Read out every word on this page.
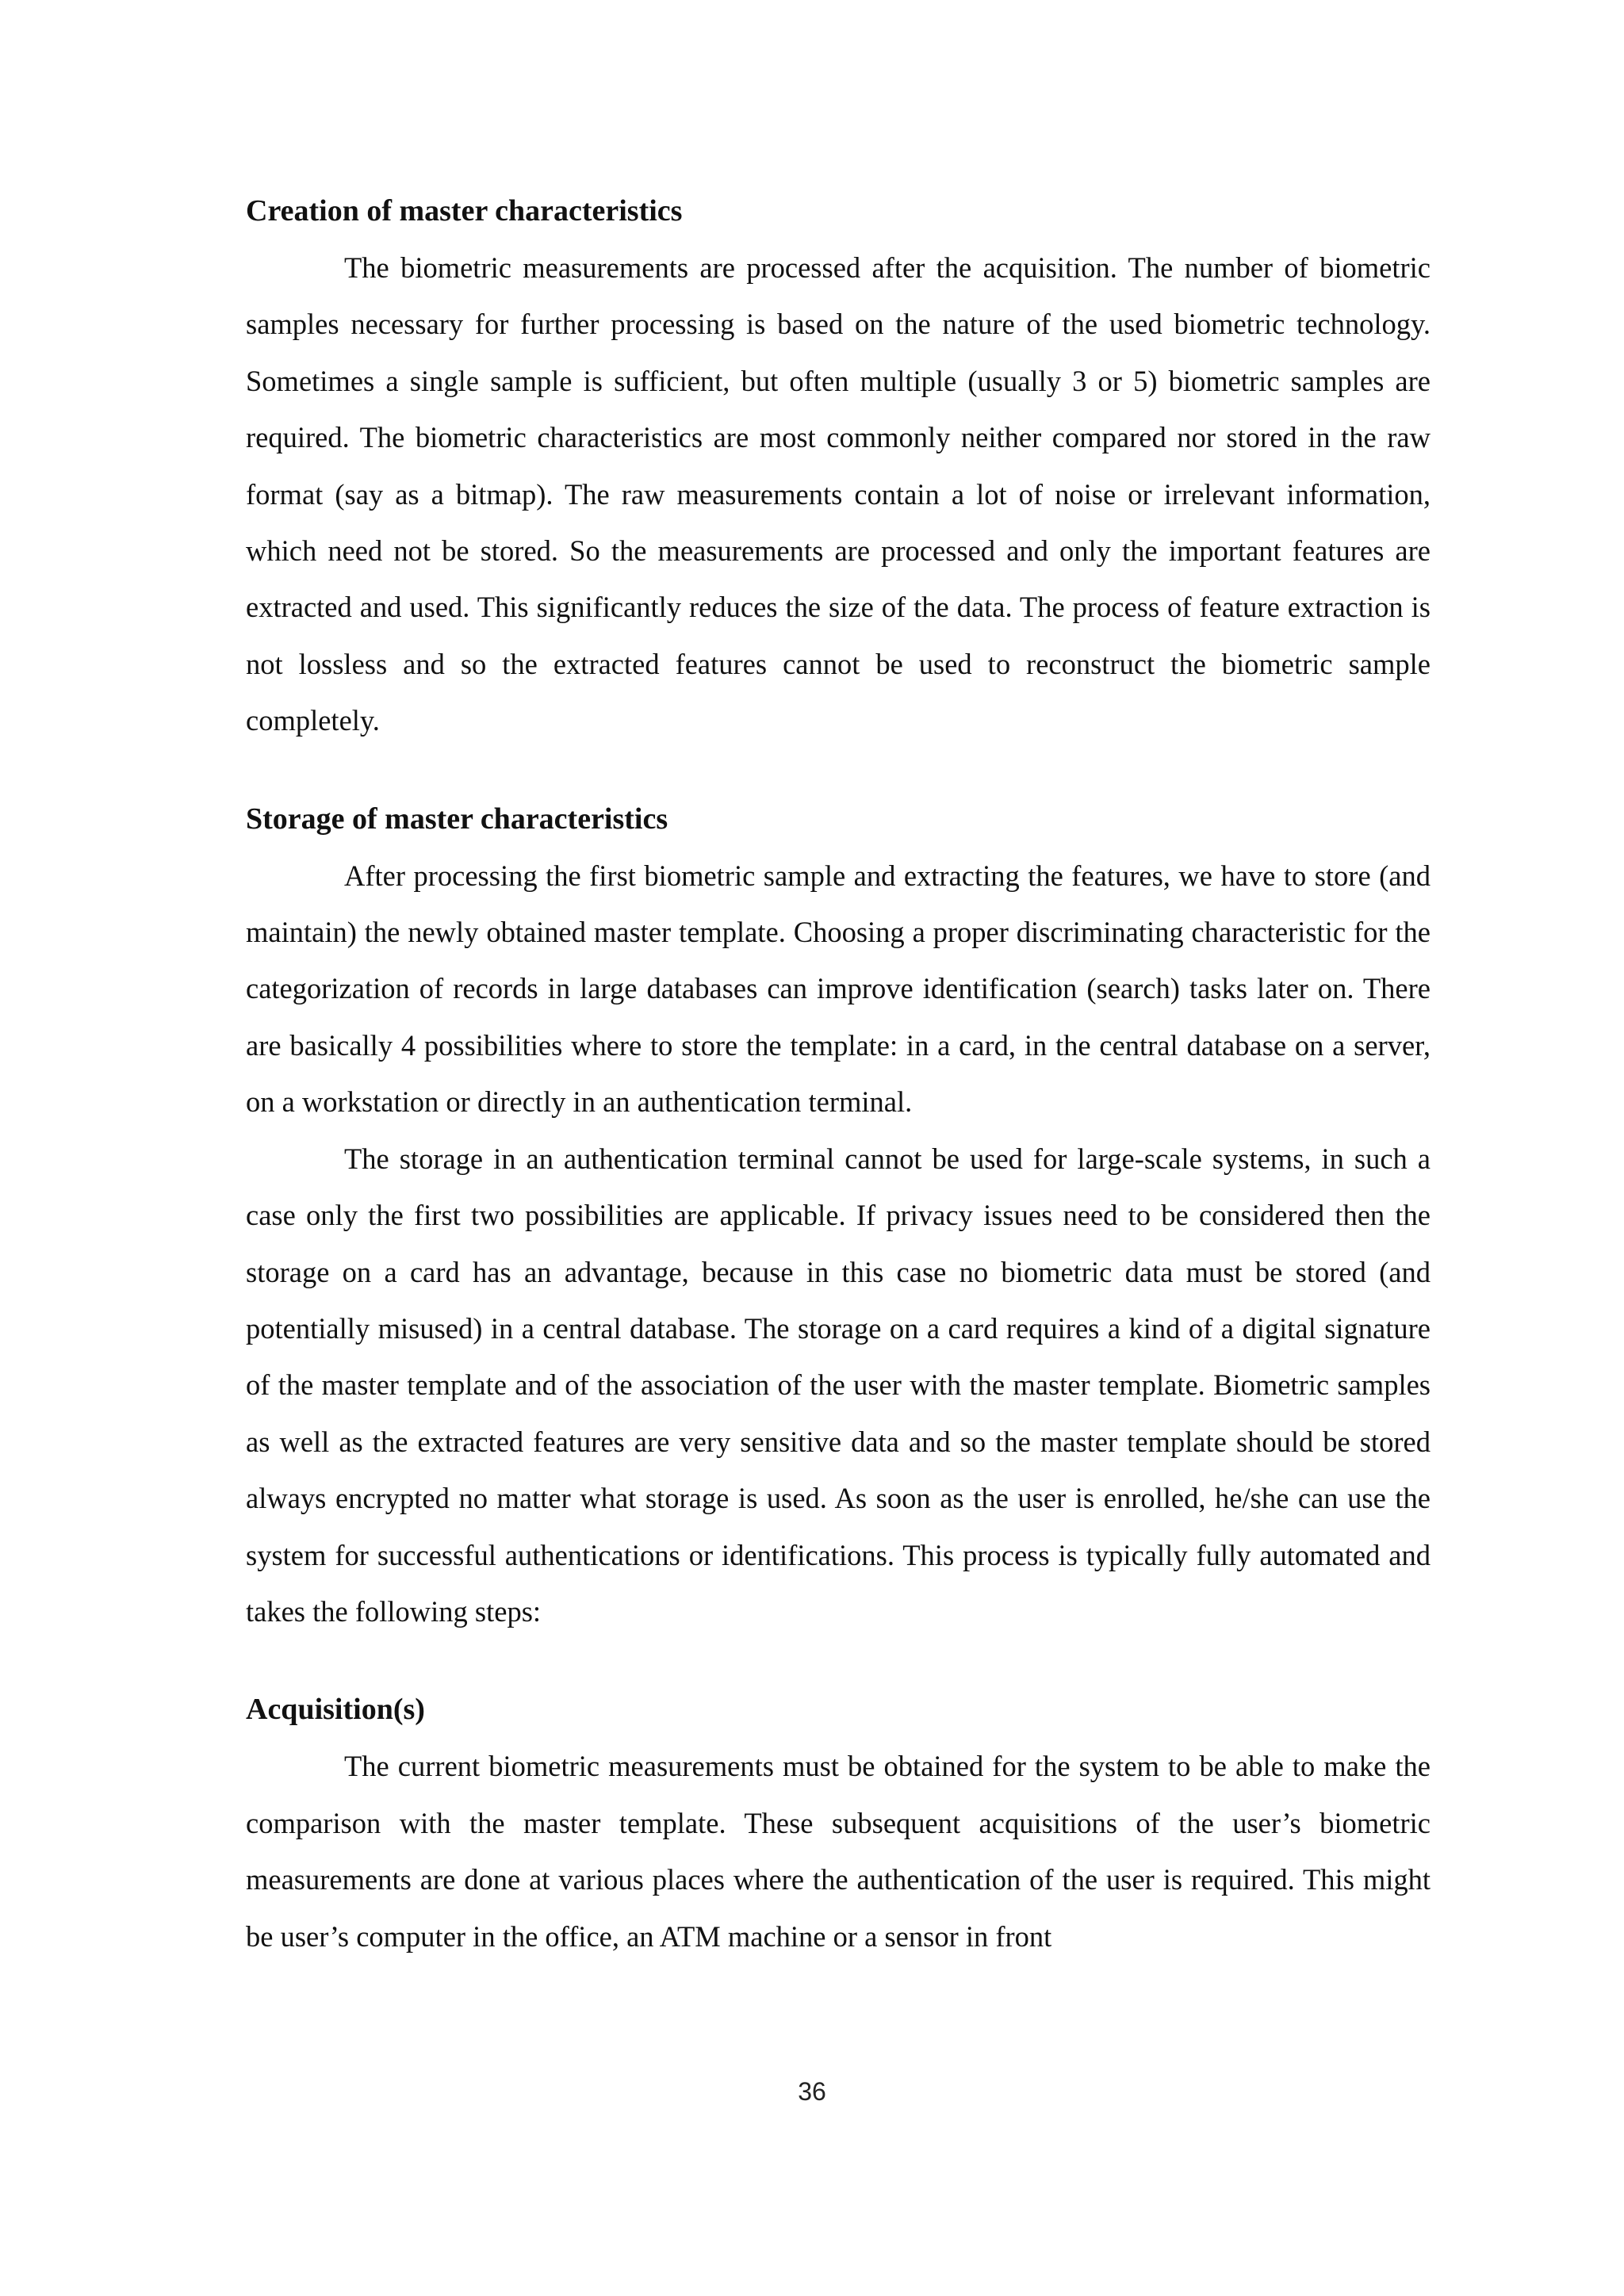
Creation of master characteristics

The biometric measurements are processed after the acquisition. The number of biometric samples necessary for further processing is based on the nature of the used biometric technology. Sometimes a single sample is sufficient, but often multiple (usually 3 or 5) biometric samples are required. The biometric characteristics are most commonly neither compared nor stored in the raw format (say as a bitmap). The raw measurements contain a lot of noise or irrelevant information, which need not be stored. So the measurements are processed and only the important features are extracted and used. This significantly reduces the size of the data. The process of feature extraction is not lossless and so the extracted features cannot be used to reconstruct the biometric sample completely.

Storage of master characteristics

After processing the first biometric sample and extracting the features, we have to store (and maintain) the newly obtained master template. Choosing a proper discriminating characteristic for the categorization of records in large databases can improve identification (search) tasks later on. There are basically 4 possibilities where to store the template: in a card, in the central database on a server, on a workstation or directly in an authentication terminal.

The storage in an authentication terminal cannot be used for large-scale systems, in such a case only the first two possibilities are applicable. If privacy issues need to be considered then the storage on a card has an advantage, because in this case no biometric data must be stored (and potentially misused) in a central database. The storage on a card requires a kind of a digital signature of the master template and of the association of the user with the master template. Biometric samples as well as the extracted features are very sensitive data and so the master template should be stored always encrypted no matter what storage is used. As soon as the user is enrolled, he/she can use the system for successful authentications or identifications. This process is typically fully automated and takes the following steps:

Acquisition(s)

The current biometric measurements must be obtained for the system to be able to make the comparison with the master template. These subsequent acquisitions of the user’s biometric measurements are done at various places where the authentication of the user is required. This might be user’s computer in the office, an ATM machine or a sensor in front

36
